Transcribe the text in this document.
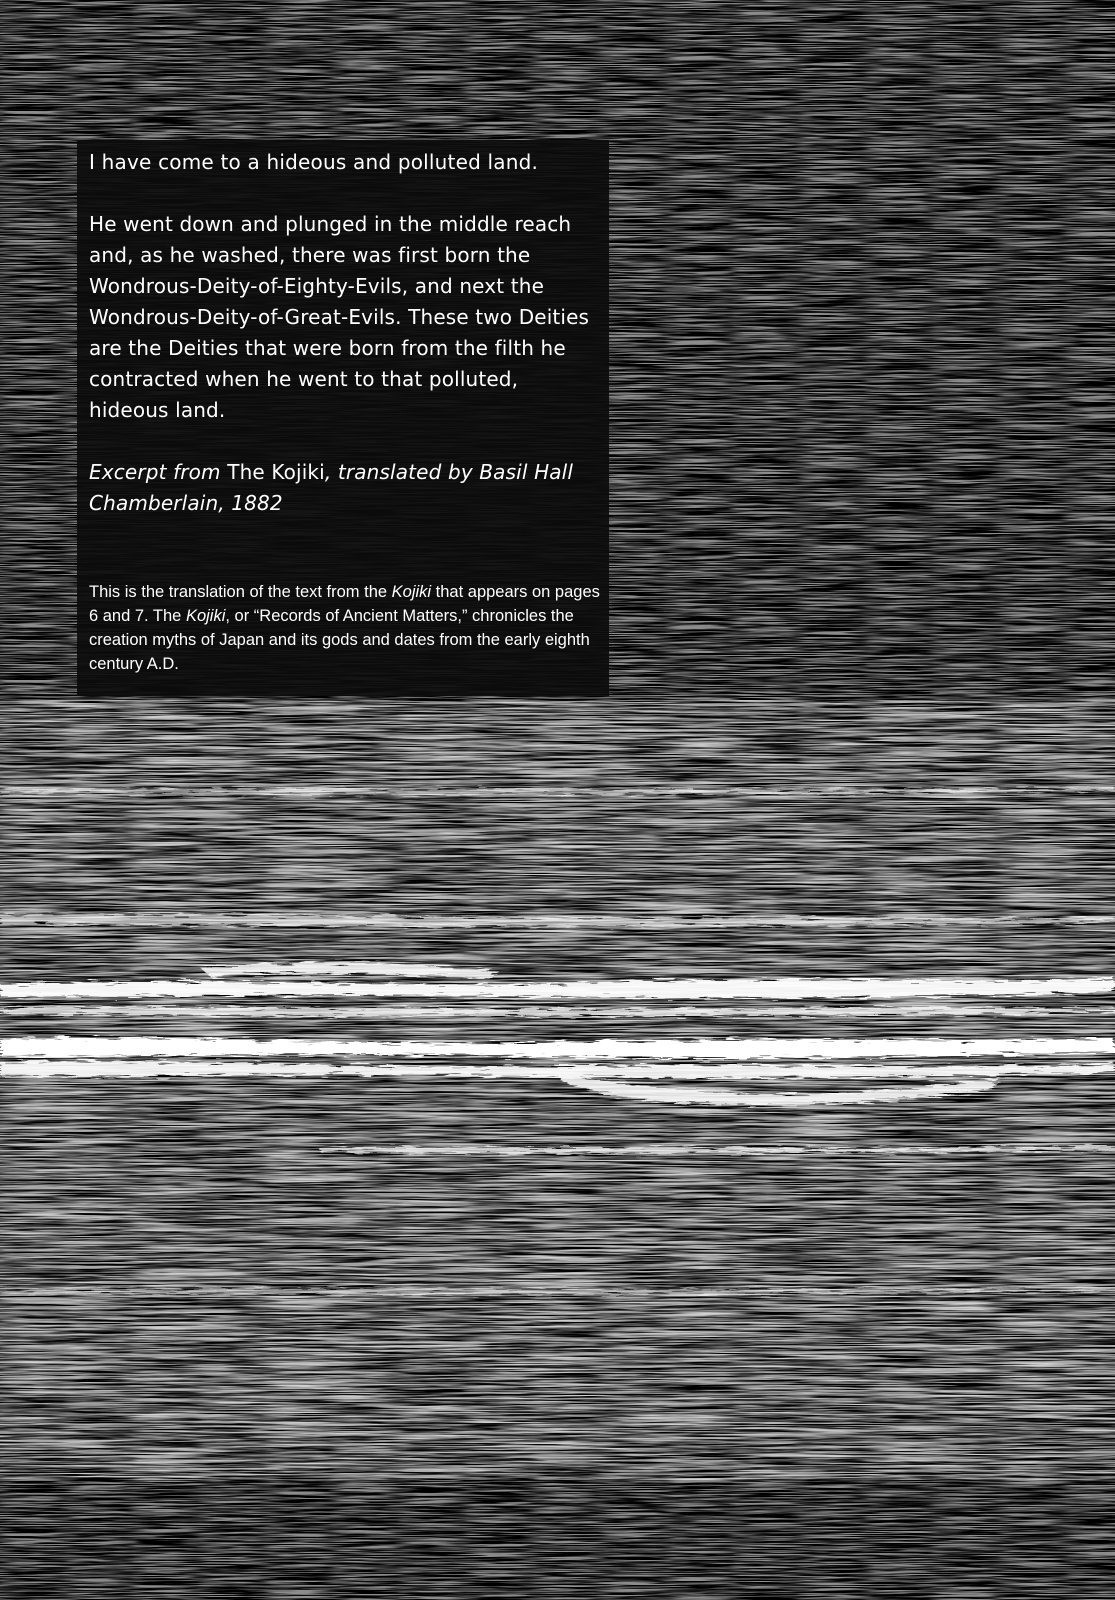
I have come to a hideous and polluted land.

He went down and plunged in the middle reach and, as he washed, there was first born the Wondrous-Deity-of-Eighty-Evils, and next the Wondrous-Deity-of-Great-Evils. These two Deities are the Deities that were born from the filth he contracted when he went to that polluted, hideous land.

Excerpt from The Kojiki, translated by Basil Hall Chamberlain, 1882

This is the translation of the text from the Kojiki that appears on pages 6 and 7. The Kojiki, or “Records of Ancient Matters,” chronicles the creation myths of Japan and its gods and dates from the early eighth century A.D.
